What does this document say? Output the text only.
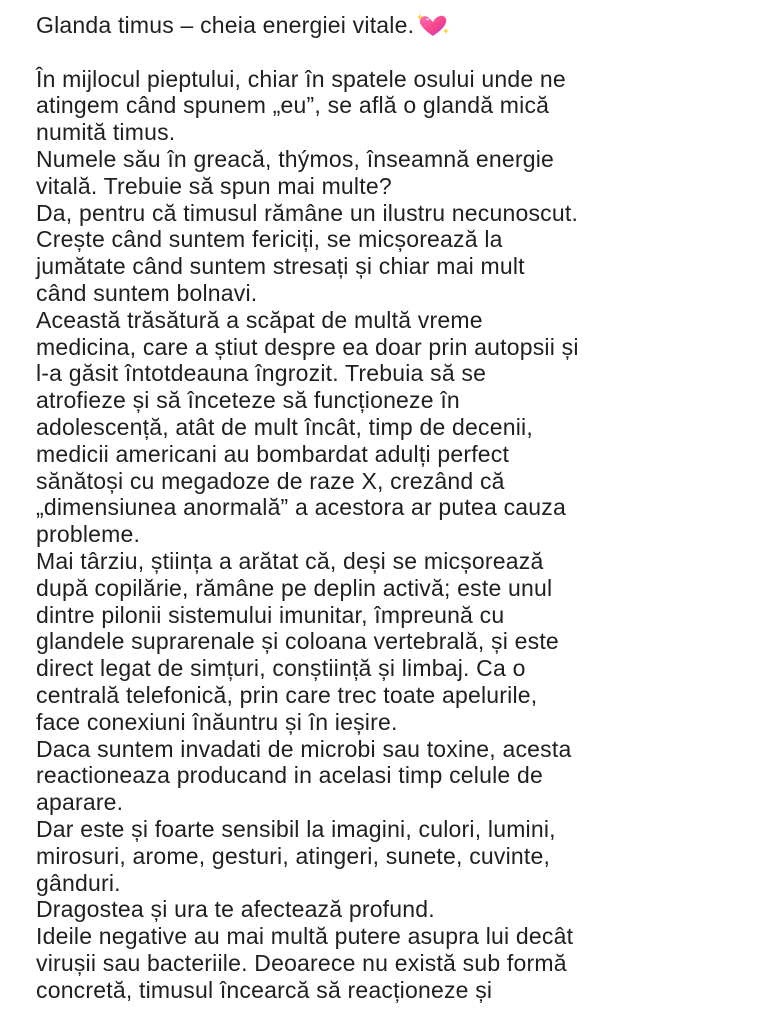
Glanda timus – cheia energiei vitale.
În mijlocul pieptului, chiar în spatele osului unde ne
atingem când spunem „eu”, se află o glandă mică
numită timus.
Numele său în greacă, thýmos, înseamnă energie
vitală. Trebuie să spun mai multe?
Da, pentru că timusul rămâne un ilustru necunoscut.
Crește când suntem fericiți, se micșorează la
jumătate când suntem stresați și chiar mai mult
când suntem bolnavi.
Această trăsătură a scăpat de multă vreme
medicina, care a știut despre ea doar prin autopsii și
l-a găsit întotdeauna îngrozit. Trebuia să se
atrofieze și să înceteze să funcționeze în
adolescență, atât de mult încât, timp de decenii,
medicii americani au bombardat adulți perfect
sănătoși cu megadoze de raze X, crezând că
„dimensiunea anormală” a acestora ar putea cauza
probleme.
Mai târziu, știința a arătat că, deși se micșorează
după copilărie, rămâne pe deplin activă; este unul
dintre pilonii sistemului imunitar, împreună cu
glandele suprarenale și coloana vertebrală, și este
direct legat de simțuri, conștiință și limbaj. Ca o
centrală telefonică, prin care trec toate apelurile,
face conexiuni înăuntru și în ieșire.
Daca suntem invadati de microbi sau toxine, acesta
reactioneaza producand in acelasi timp celule de
aparare.
Dar este și foarte sensibil la imagini, culori, lumini,
mirosuri, arome, gesturi, atingeri, sunete, cuvinte,
gânduri.
Dragostea și ura te afectează profund.
Ideile negative au mai multă putere asupra lui decât
virușii sau bacteriile. Deoarece nu există sub formă
concretă, timusul încearcă să reacționeze și
